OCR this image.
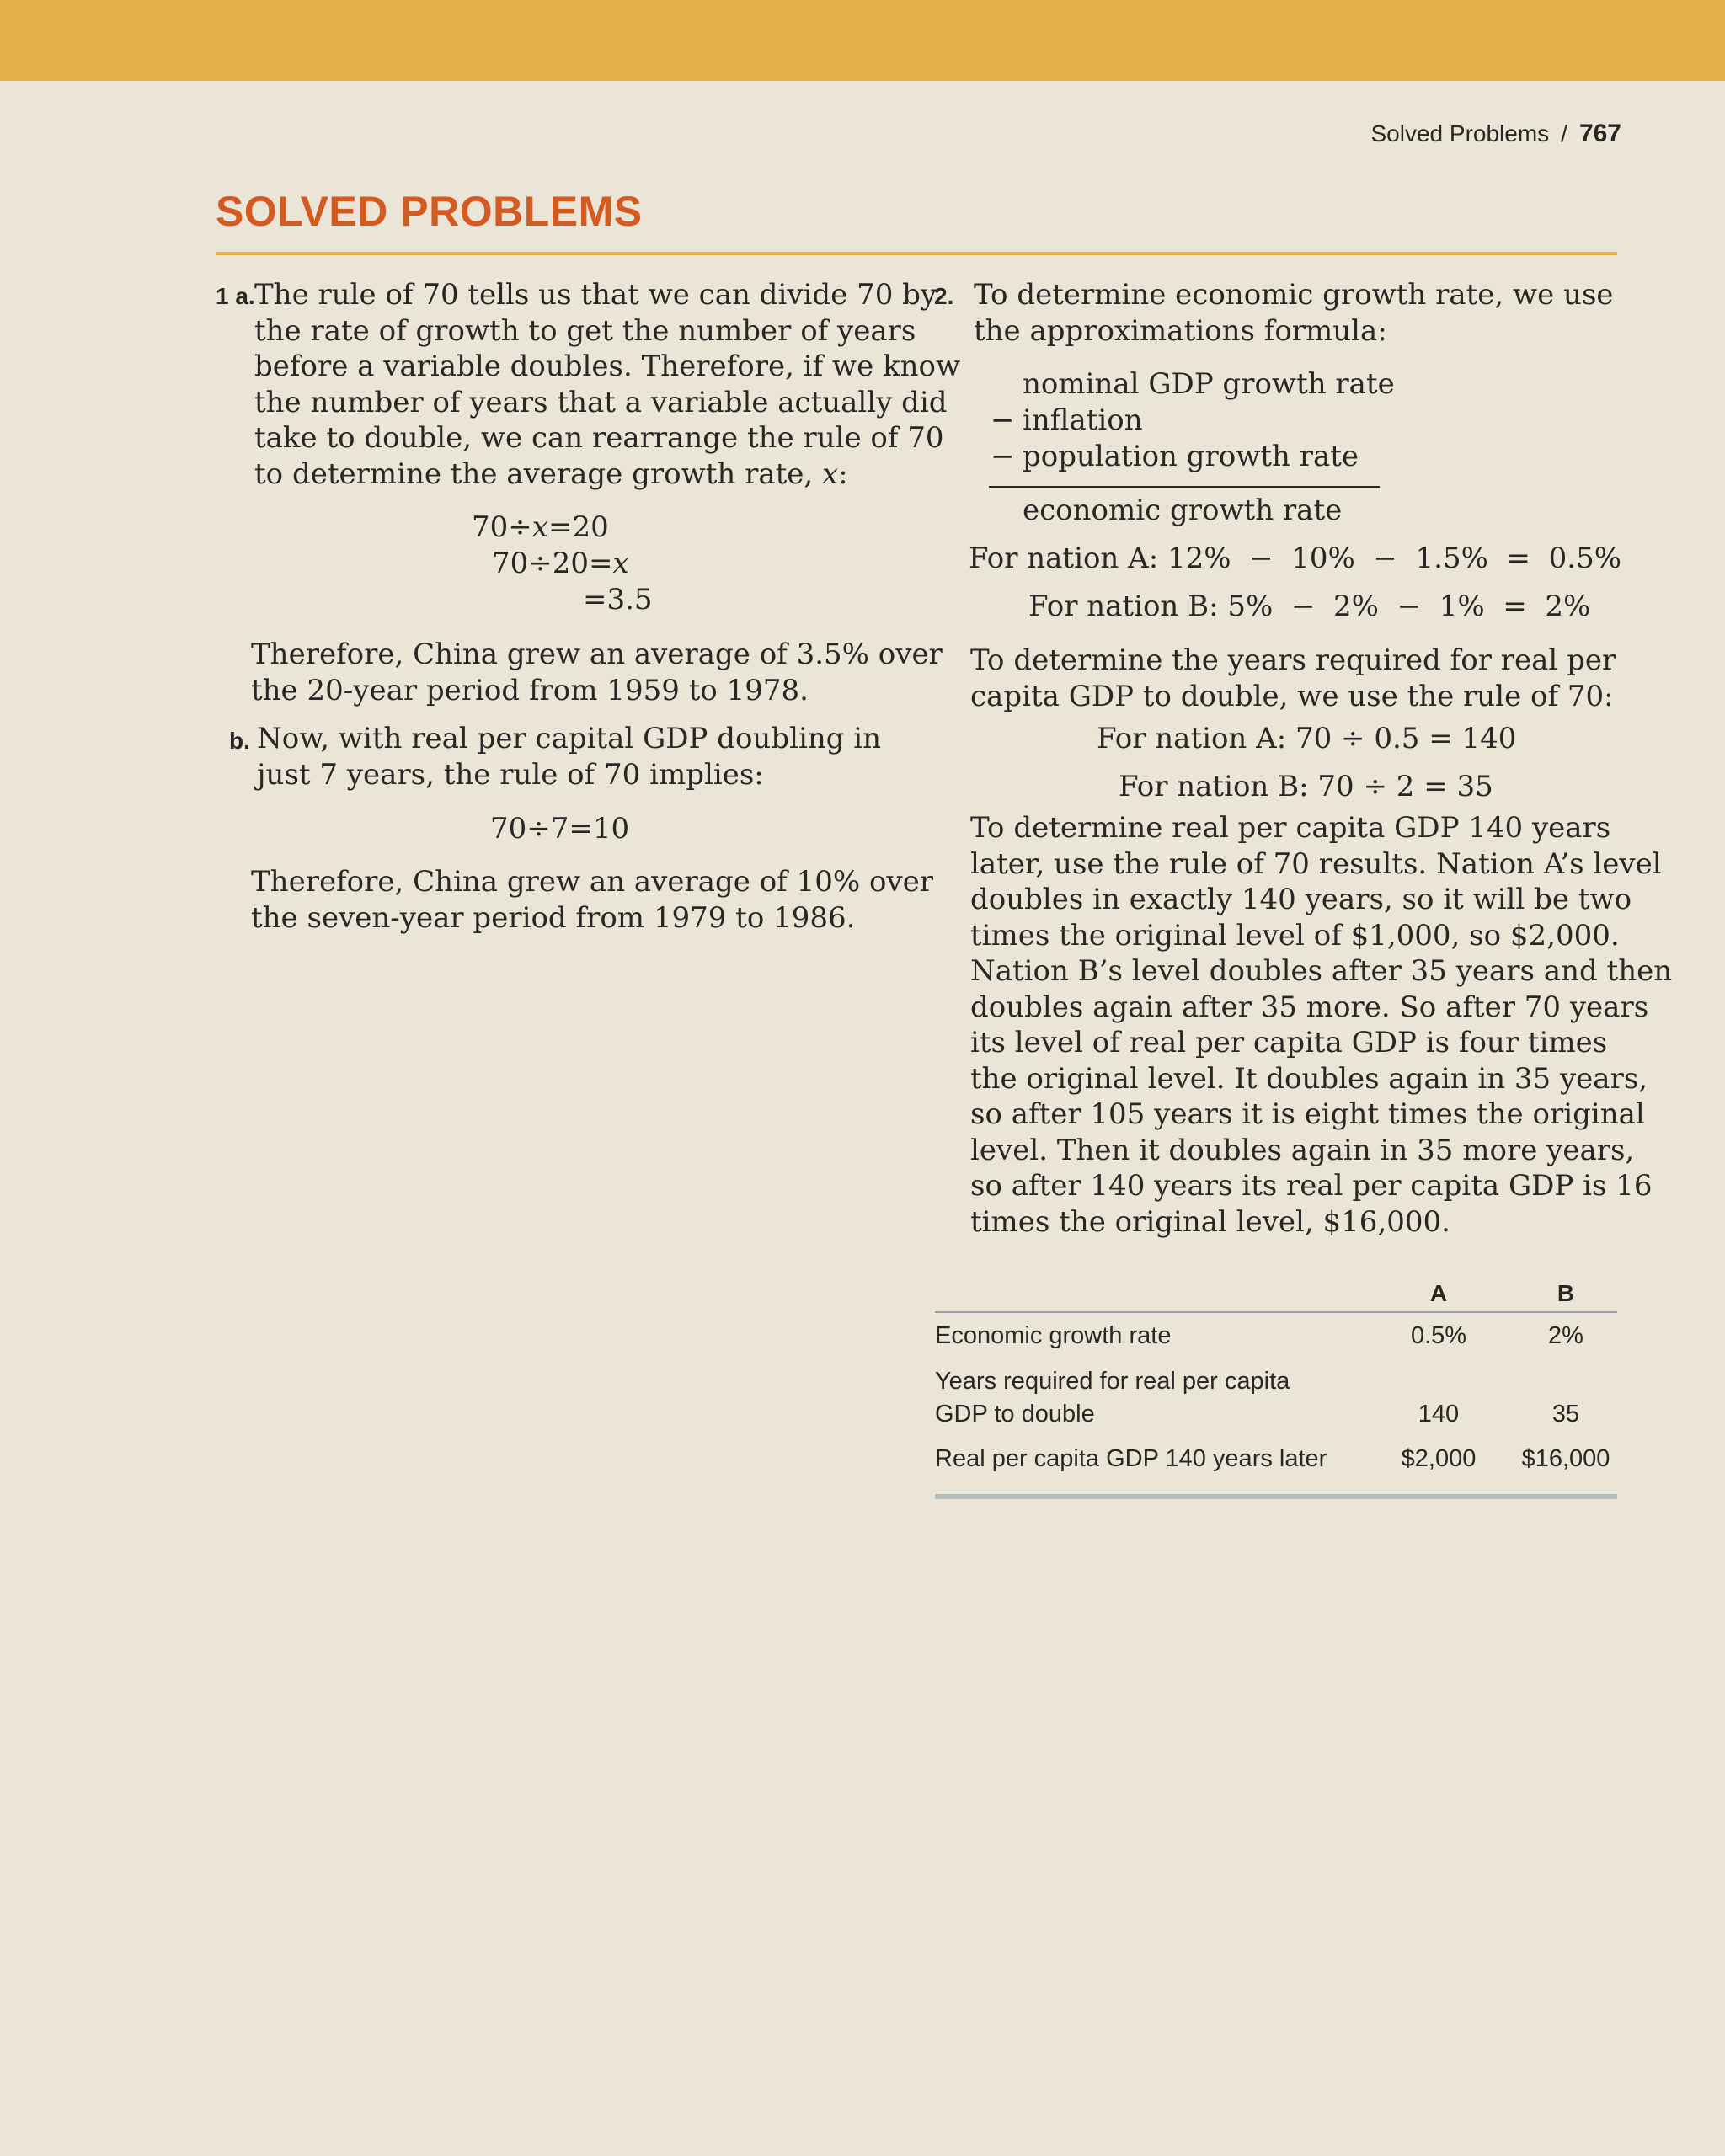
Solved Problems / 767
SOLVED PROBLEMS
1 a. The rule of 70 tells us that we can divide 70 by
the rate of growth to get the number of years
before a variable doubles. Therefore, if we know
the number of years that a variable actually did
take to double, we can rearrange the rule of 70
to determine the average growth rate, x:
70÷x=20
70÷20=x
=3.5
Therefore, China grew an average of 3.5% over
the 20-year period from 1959 to 1978.
b. Now, with real per capital GDP doubling in
just 7 years, the rule of 70 implies:
70÷7=10
Therefore, China grew an average of 10% over
the seven-year period from 1979 to 1986.
2. To determine economic growth rate, we use
the approximations formula:
nominal GDP growth rate
− inflation
− population growth rate
economic growth rate
For nation A: 12%  −  10%  −  1.5%  =  0.5%
For nation B: 5%  −  2%  −  1%  =  2%
To determine the years required for real per
capita GDP to double, we use the rule of 70:
For nation A: 70 ÷ 0.5 = 140
For nation B: 70 ÷ 2 = 35
To determine real per capita GDP 140 years
later, use the rule of 70 results. Nation A’s level
doubles in exactly 140 years, so it will be two
times the original level of $1,000, so $2,000.
Nation B’s level doubles after 35 years and then
doubles again after 35 more. So after 70 years
its level of real per capita GDP is four times
the original level. It doubles again in 35 years,
so after 105 years it is eight times the original
level. Then it doubles again in 35 more years,
so after 140 years its real per capita GDP is 16
times the original level, $16,000.
A	B
Economic growth rate	0.5%	2%
Years required for real per capita
GDP to double	140	35
Real per capita GDP 140 years later	$2,000	$16,000
